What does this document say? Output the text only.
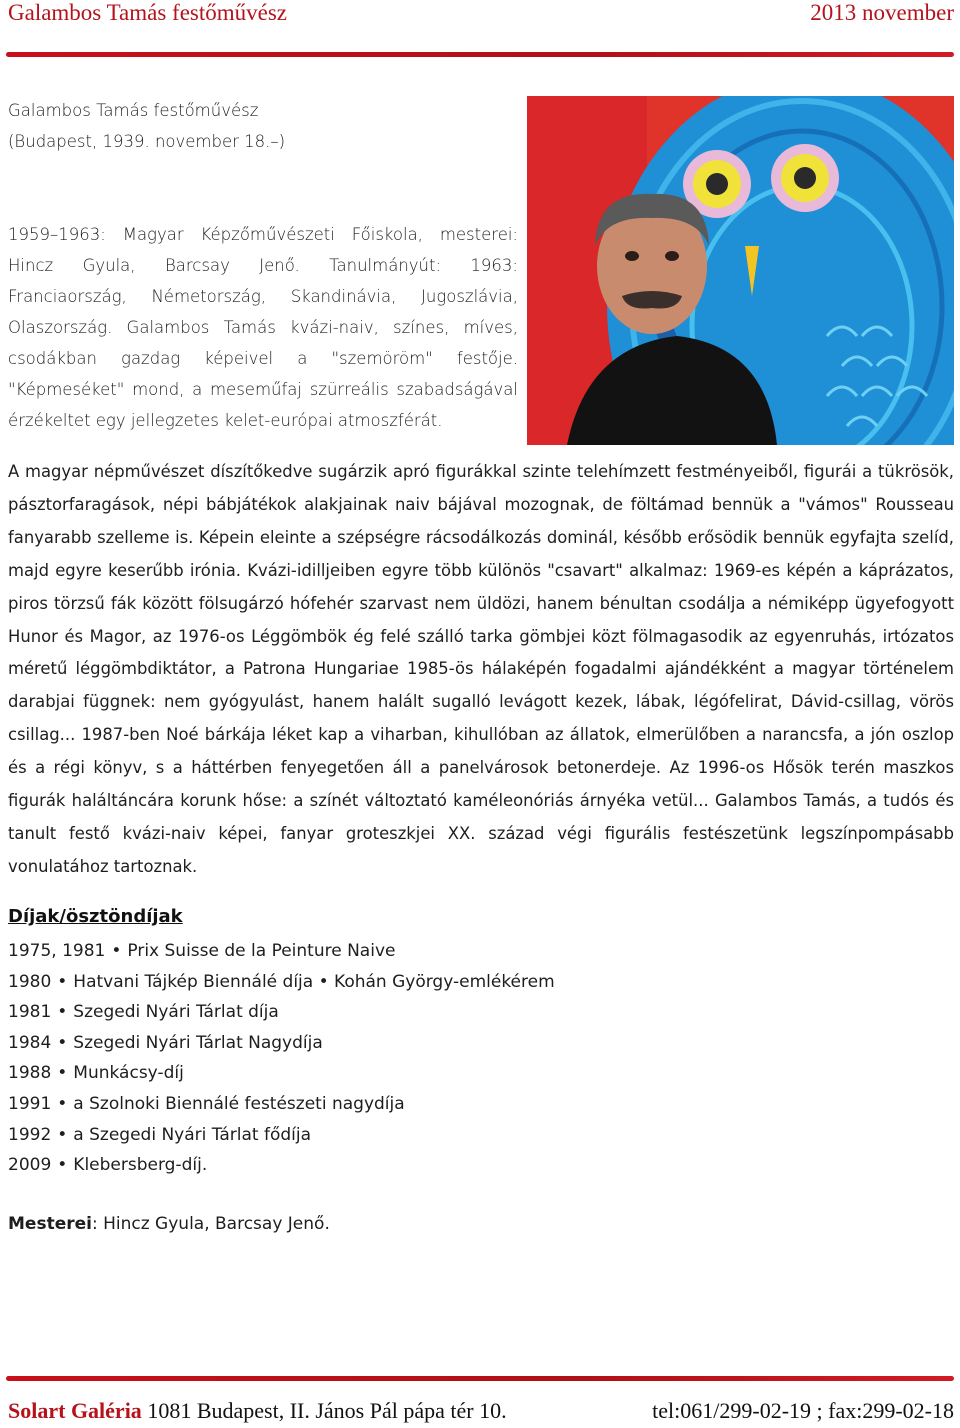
Galambos Tamás festőművész	2013 november

Galambos Tamás festőművész

(Budapest, 1939. november 18.–)

1959–1963: Magyar Képzőművészeti Főiskola, mesterei: Hincz Gyula, Barcsay Jenő. Tanulmányút: 1963: Franciaország, Németország, Skandinávia, Jugoszlávia, Olaszország. Galambos Tamás kvázi-naiv, színes, míves, csodákban gazdag képeivel a "szemöröm" festője. "Képmeséket" mond, a meseműfaj szürreális szabadságával érzékeltet egy jellegzetes kelet-európai atmoszférát.

A magyar népművészet díszítőkedve sugárzik apró figurákkal szinte telehímzett festményeiből, figurái a tükrösök, pásztorfaragások, népi bábjátékok alakjainak naiv bájával mozognak, de föltámad bennük a "vámos" Rousseau fanyarabb szelleme is. Képein eleinte a szépségre rácsodálkozás dominál, később erősödik bennük egyfajta szelíd, majd egyre keserűbb irónia. Kvázi-idilljeiben egyre több különös "csavart" alkalmaz: 1969-es képén a káprázatos, piros törzsű fák között fölsugárzó hófehér szarvast nem üldözi, hanem bénultan csodálja a némiképp ügyefogyott Hunor és Magor, az 1976-os Léggömbök ég felé szálló tarka gömbjei közt fölmagasodik az egyenruhás, irtózatos méretű léggömbdiktátor, a Patrona Hungariae 1985-ös hálaképén fogadalmi ajándékként a magyar történelem darabjai függnek: nem gyógyulást, hanem halált sugalló levágott kezek, lábak, légófelirat, Dávid-csillag, vörös csillag... 1987-ben Noé bárkája léket kap a viharban, kihullóban az állatok, elmerülőben a narancsfa, a jón oszlop és a régi könyv, s a háttérben fenyegetően áll a panelvárosok betonerdeje. Az 1996-os Hősök terén maszkos figurák haláltáncára korunk hőse: a színét változtató kaméleonóriás árnyéka vetül... Galambos Tamás, a tudós és tanult festő kvázi-naiv képei, fanyar groteszkjei XX. század végi figurális festészetünk legszínpompásabb vonulatához tartoznak.

Díjak/ösztöndíjak
1975, 1981 • Prix Suisse de la Peinture Naive
1980 • Hatvani Tájkép Biennálé díja • Kohán György-emlékérem
1981 • Szegedi Nyári Tárlat díja
1984 • Szegedi Nyári Tárlat Nagydíja
1988 • Munkácsy-díj
1991 • a Szolnoki Biennálé festészeti nagydíja
1992 • a Szegedi Nyári Tárlat fődíja
2009 • Klebersberg-díj.

Mesterei: Hincz Gyula, Barcsay Jenő.

Solart Galéria 1081 Budapest, II. János Pál pápa tér 10.	tel:061/299-02-19 ; fax:299-02-18
